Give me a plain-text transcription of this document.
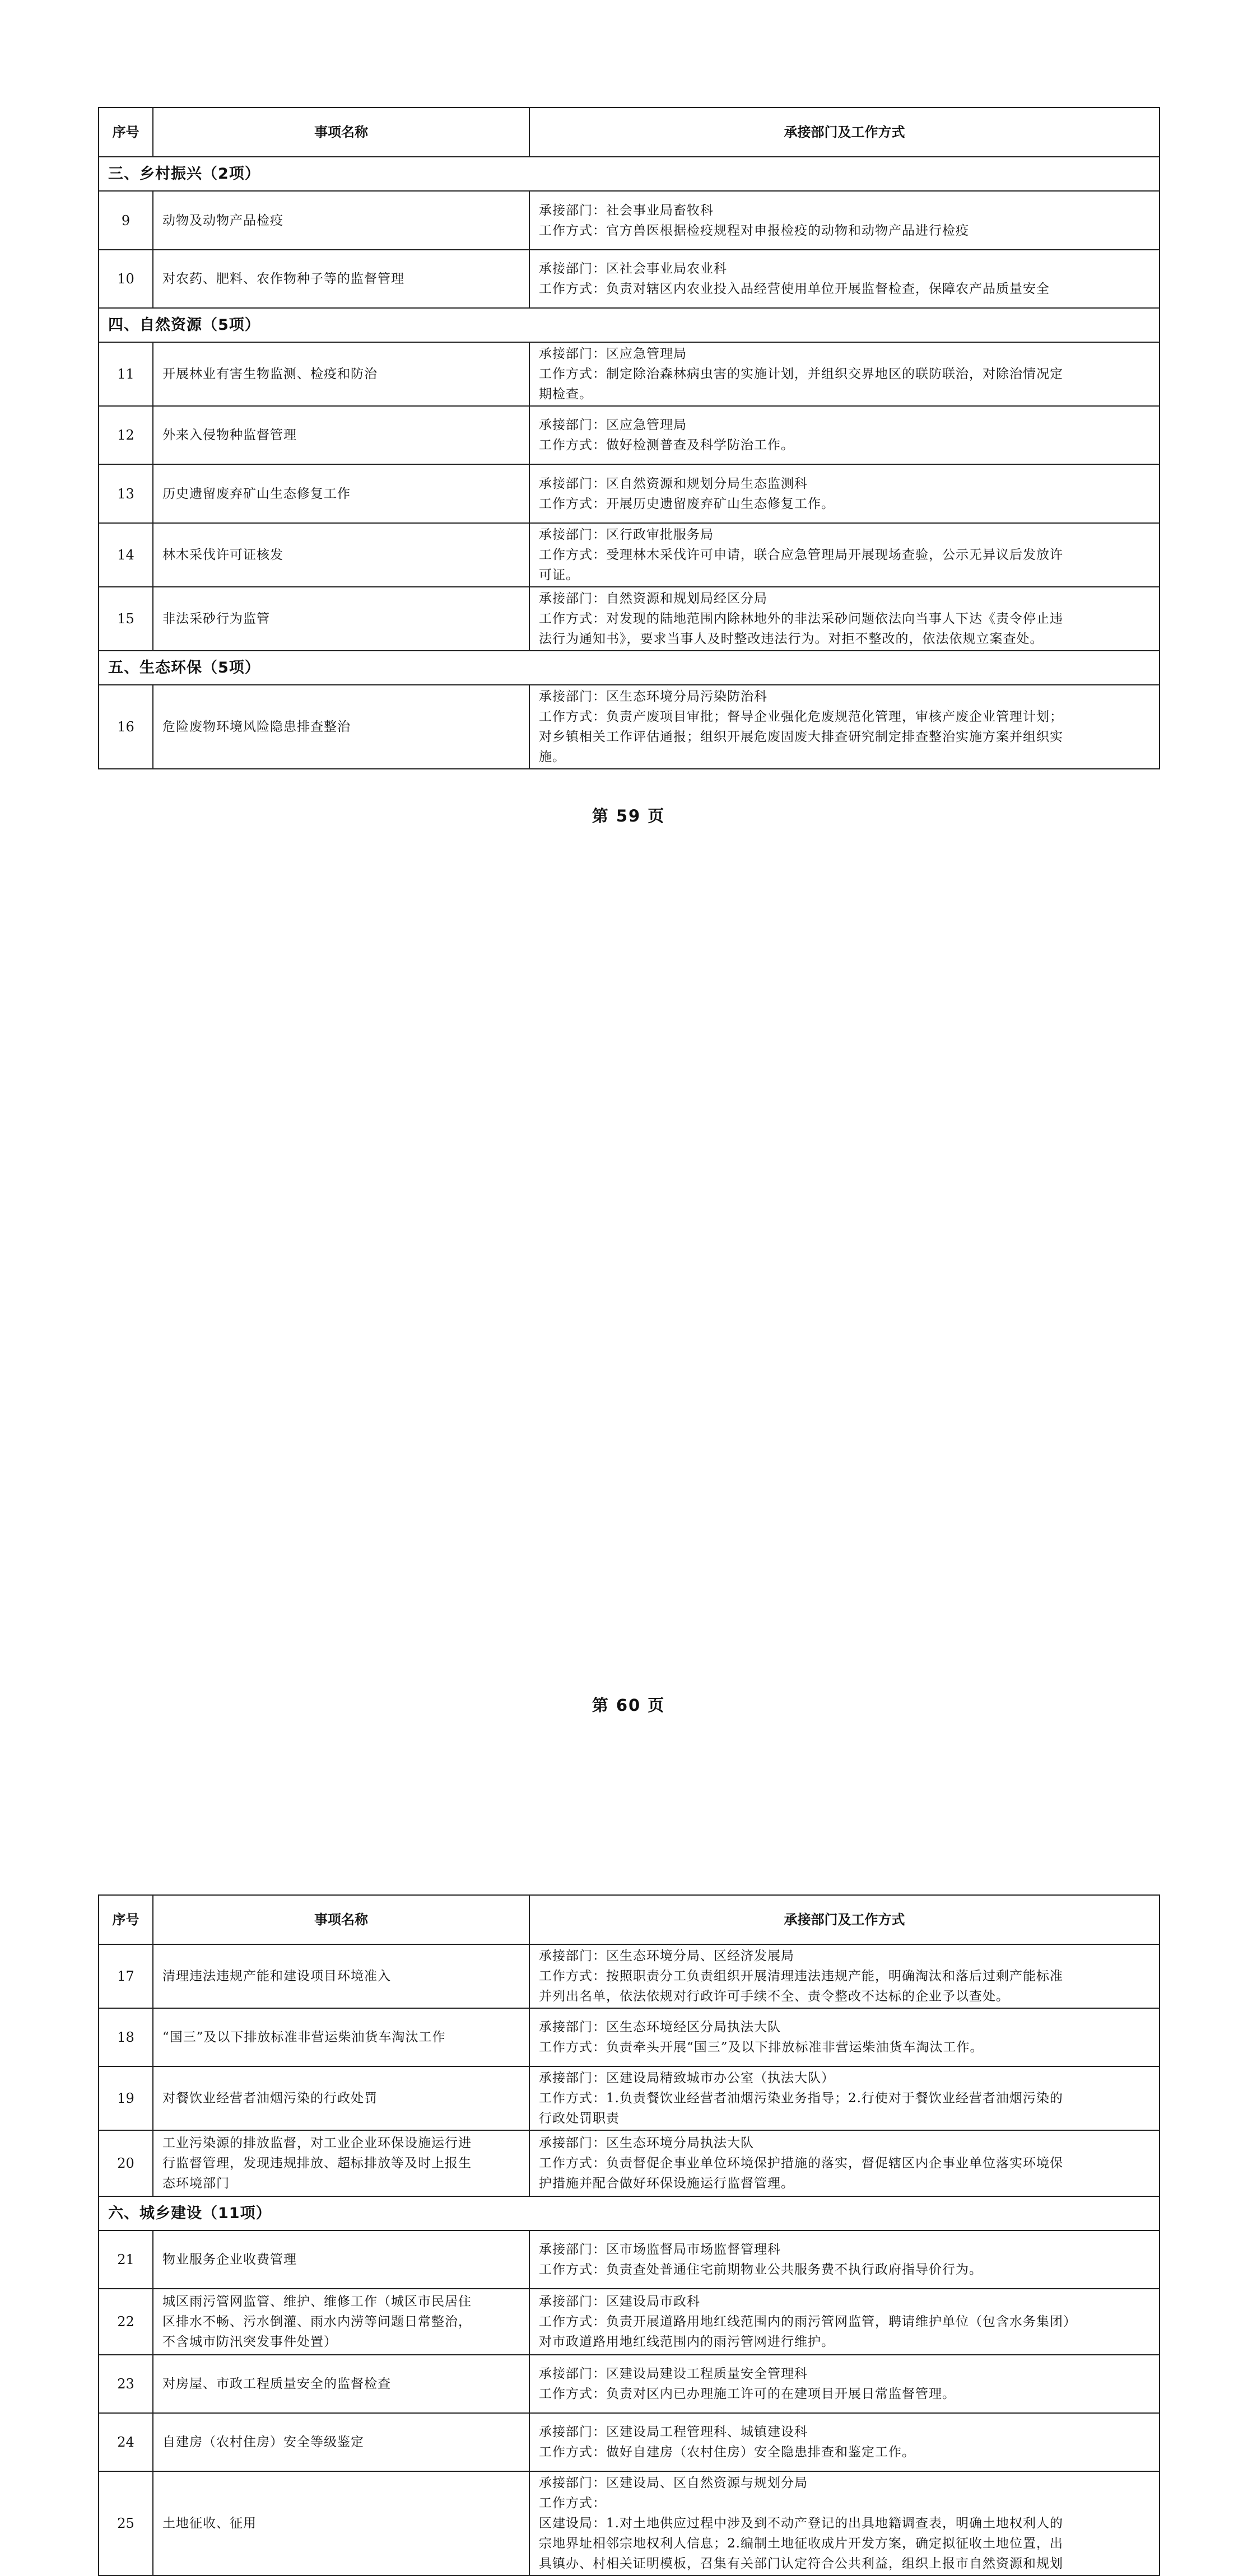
序号	事项名称	承接部门及工作方式
三、乡村振兴（2项）		
9	动物及动物产品检疫	承接部门：社会事业局畜牧科
工作方式：官方兽医根据检疫规程对申报检疫的动物和动物产品进行检疫

10	对农药、肥料、农作物种子等的监督管理	承接部门：区社会事业局农业科
工作方式：负责对辖区内农业投入品经营使用单位开展监督检查，保障农产品质量安全

四、自然资源（5项）		
11	开展林业有害生物监测、检疫和防治	承接部门：区应急管理局
工作方式：制定除治森林病虫害的实施计划，并组织交界地区的联防联治，对除治情况定
期检查。

12	外来入侵物种监督管理	承接部门：区应急管理局
工作方式：做好检测普查及科学防治工作。

13	历史遗留废弃矿山生态修复工作	承接部门：区自然资源和规划分局生态监测科
工作方式：开展历史遗留废弃矿山生态修复工作。

14	林木采伐许可证核发	承接部门：区行政审批服务局
工作方式：受理林木采伐许可申请，联合应急管理局开展现场查验，公示无异议后发放许
可证。

15	非法采砂行为监管	承接部门：自然资源和规划局经区分局
工作方式：对发现的陆地范围内除林地外的非法采砂问题依法向当事人下达《责令停止违
法行为通知书》，要求当事人及时整改违法行为。对拒不整改的，依法依规立案查处。

五、生态环保（5项）		
16	危险废物环境风险隐患排查整治	承接部门：区生态环境分局污染防治科
工作方式：负责产废项目审批；督导企业强化危废规范化管理，审核产废企业管理计划；
对乡镇相关工作评估通报；组织开展危废固废大排查研究制定排查整治实施方案并组织实
施。
第 59 页
序号	事项名称	承接部门及工作方式
17	清理违法违规产能和建设项目环境准入	承接部门：区生态环境分局、区经济发展局
工作方式：按照职责分工负责组织开展清理违法违规产能，明确淘汰和落后过剩产能标准
并列出名单，依法依规对行政许可手续不全、责令整改不达标的企业予以查处。

18	“国三”及以下排放标准非营运柴油货车淘汰工作	承接部门：区生态环境经区分局执法大队
工作方式：负责牵头开展“国三”及以下排放标准非营运柴油货车淘汰工作。

19	对餐饮业经营者油烟污染的行政处罚	承接部门：区建设局精致城市办公室（执法大队）
工作方式：1.负责餐饮业经营者油烟污染业务指导；2.行使对于餐饮业经营者油烟污染的
行政处罚职责

20	工业污染源的排放监督，对工业企业环保设施运行进
行监督管理，发现违规排放、超标排放等及时上报生
态环境部门	承接部门：区生态环境分局执法大队
工作方式：负责督促企事业单位环境保护措施的落实，督促辖区内企事业单位落实环境保
护措施并配合做好环保设施运行监督管理。

六、城乡建设（11项）		
21	物业服务企业收费管理	承接部门：区市场监督局市场监督管理科
工作方式：负责查处普通住宅前期物业公共服务费不执行政府指导价行为。

22	城区雨污管网监管、维护、维修工作（城区市民居住
区排水不畅、污水倒灌、雨水内涝等问题日常整治，
不含城市防汛突发事件处置）	承接部门：区建设局市政科
工作方式：负责开展道路用地红线范围内的雨污管网监管，聘请维护单位（包含水务集团）
对市政道路用地红线范围内的雨污管网进行维护。

23	对房屋、市政工程质量安全的监督检查	承接部门：区建设局建设工程质量安全管理科
工作方式：负责对区内已办理施工许可的在建项目开展日常监督管理。

24	自建房（农村住房）安全等级鉴定	承接部门：区建设局工程管理科、城镇建设科
工作方式：做好自建房（农村住房）安全隐患排查和鉴定工作。

25	土地征收、征用	承接部门：区建设局、区自然资源与规划分局
工作方式：
区建设局：1.对土地供应过程中涉及到不动产登记的出具地籍调查表，明确土地权利人的
宗地界址相邻宗地权利人信息；2.编制土地征收成片开发方案，确定拟征收土地位置，出
具镇办、村相关证明模板，召集有关部门认定符合公共利益，组织上报市自然资源和规划
第 60 页
